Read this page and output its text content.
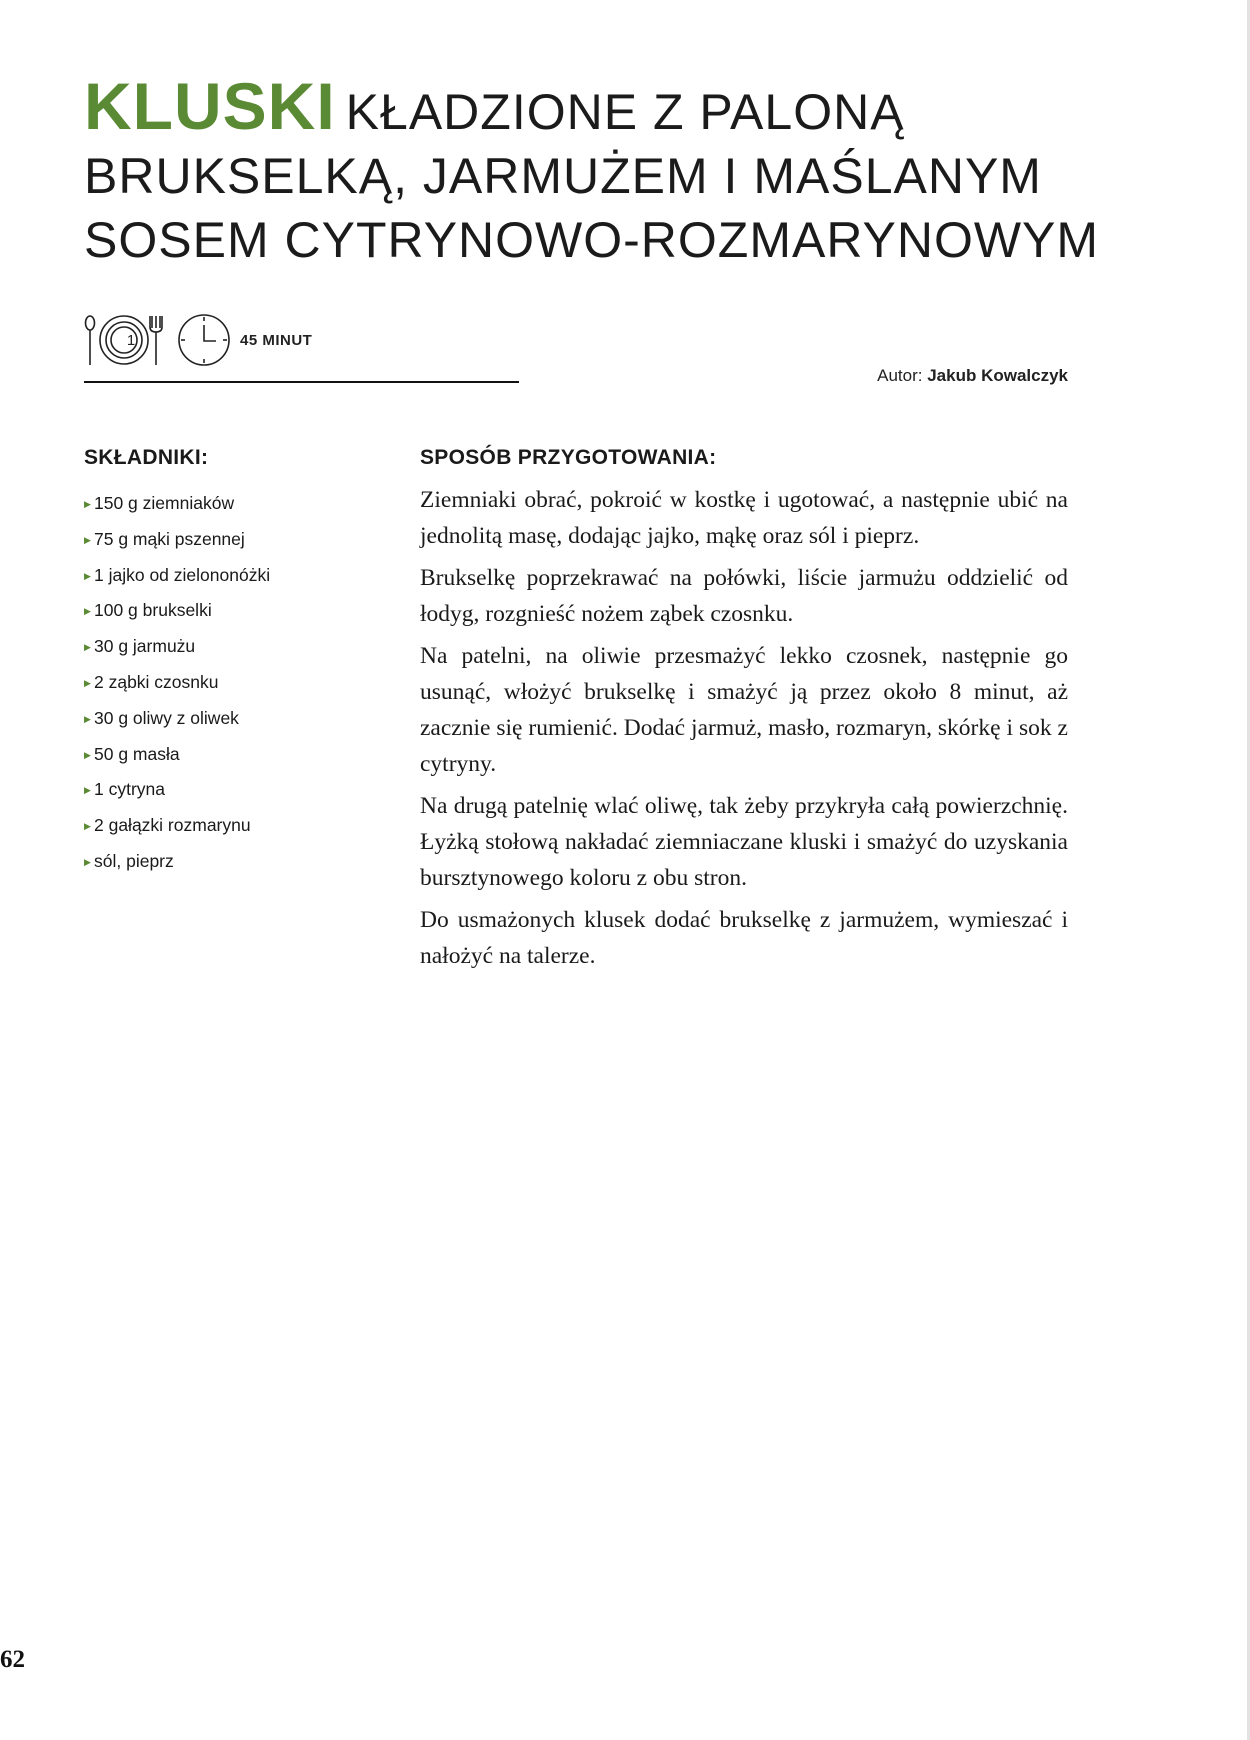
KLUSKI KŁADZIONE Z PALONĄ
BRUKSELKĄ, JARMUŻEM I MAŚLANYM
SOSEM CYTRYNOWO-ROZMARYNOWYM
1	45 MINUT
Autor: Jakub Kowalczyk
SKŁADNIKI:
▶ 150 g ziemniaków
▶ 75 g mąki pszennej
▶ 1 jajko od zielononóżki
▶ 100 g brukselki
▶ 30 g jarmużu
▶ 2 ząbki czosnku
▶ 30 g oliwy z oliwek
▶ 50 g masła
▶ 1 cytryna
▶ 2 gałązki rozmarynu
▶ sól, pieprz
SPOSÓB PRZYGOTOWANIA:

Ziemniaki obrać, pokroić w kostkę i ugotować, a następnie ubić na jednolitą masę, dodając jajko, mąkę oraz sól i pieprz.

Brukselkę poprzekrawać na połówki, liście jarmużu oddzielić od łodyg, rozgnieść nożem ząbek czosnku.

Na patelni, na oliwie przesmażyć lekko czosnek, następnie go usunąć, włożyć brukselkę i smażyć ją przez około 8 minut, aż zacznie się rumienić. Dodać jarmuż, masło, rozmaryn, skórkę i sok z cytryny.

Na drugą patelnię wlać oliwę, tak żeby przykryła całą powierzchnię. Łyżką stołową nakładać ziemniaczane kluski i smażyć do uzyskania bursztynowego koloru z obu stron.

Do usmażonych klusek dodać brukselkę z jarmużem, wymieszać i nałożyć na talerze.

62
